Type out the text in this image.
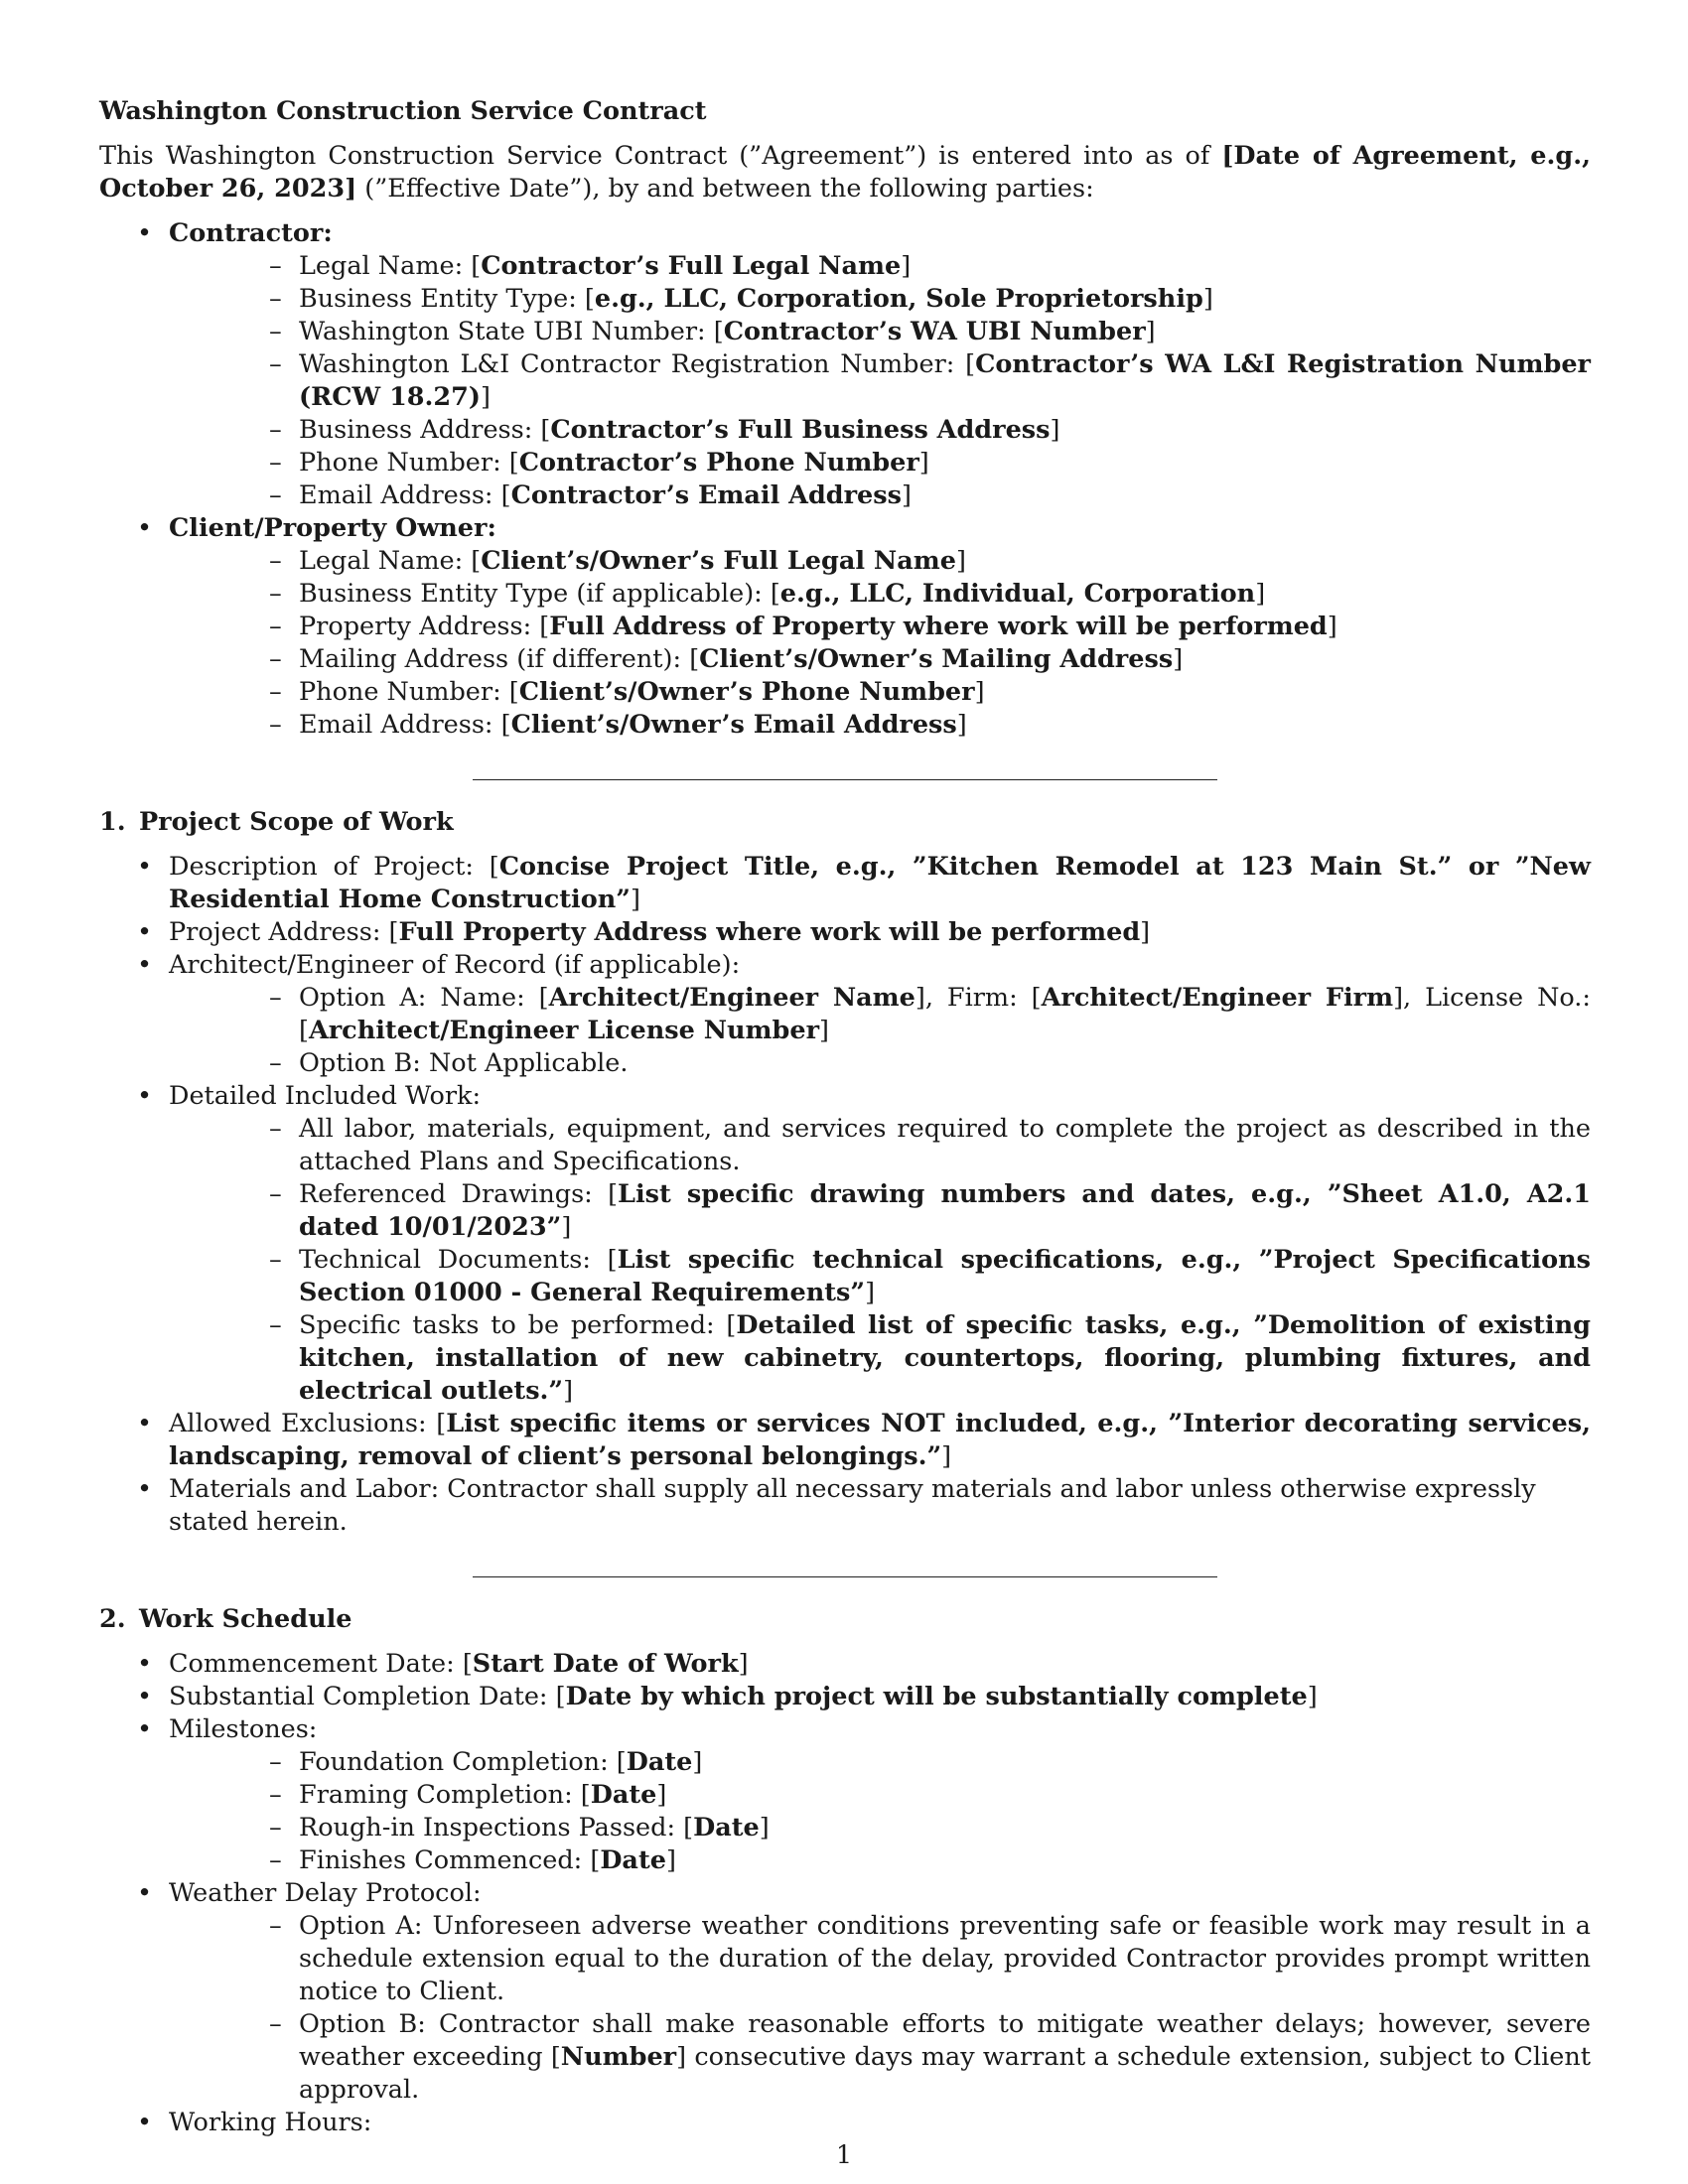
Washington Construction Service Contract
This Washington Construction Service Contract (”Agreement”) is entered into as of [Date of Agreement, e.g., October 26, 2023] (”Effective Date”), by and between the following parties:
• Contractor:
– Legal Name: [Contractor’s Full Legal Name]
– Business Entity Type: [e.g., LLC, Corporation, Sole Proprietorship]
– Washington State UBI Number: [Contractor’s WA UBI Number]
– Washington L&I Contractor Registration Number: [Contractor’s WA L&I Registration Number (RCW 18.27)]
– Business Address: [Contractor’s Full Business Address]
– Phone Number: [Contractor’s Phone Number]
– Email Address: [Contractor’s Email Address]
• Client/Property Owner:
– Legal Name: [Client’s/Owner’s Full Legal Name]
– Business Entity Type (if applicable): [e.g., LLC, Individual, Corporation]
– Property Address: [Full Address of Property where work will be performed]
– Mailing Address (if different): [Client’s/Owner’s Mailing Address]
– Phone Number: [Client’s/Owner’s Phone Number]
– Email Address: [Client’s/Owner’s Email Address]
1. Project Scope of Work
• Description of Project: [Concise Project Title, e.g., ”Kitchen Remodel at 123 Main St.” or ”New Residential Home Construction”]
• Project Address: [Full Property Address where work will be performed]
• Architect/Engineer of Record (if applicable):
– Option A: Name: [Architect/Engineer Name], Firm: [Architect/Engineer Firm], License No.: [Architect/Engineer License Number]
– Option B: Not Applicable.
• Detailed Included Work:
– All labor, materials, equipment, and services required to complete the project as described in the attached Plans and Specifications.
– Referenced Drawings: [List specific drawing numbers and dates, e.g., ”Sheet A1.0, A2.1 dated 10/01/2023”]
– Technical Documents: [List specific technical specifications, e.g., ”Project Specifications Section 01000 - General Requirements”]
– Specific tasks to be performed: [Detailed list of specific tasks, e.g., ”Demolition of existing kitchen, installation of new cabinetry, countertops, flooring, plumbing fixtures, and electrical outlets.”]
• Allowed Exclusions: [List specific items or services NOT included, e.g., ”Interior decorating services, landscaping, removal of client’s personal belongings.”]
• Materials and Labor: Contractor shall supply all necessary materials and labor unless otherwise expressly stated herein.
2. Work Schedule
• Commencement Date: [Start Date of Work]
• Substantial Completion Date: [Date by which project will be substantially complete]
• Milestones:
– Foundation Completion: [Date]
– Framing Completion: [Date]
– Rough-in Inspections Passed: [Date]
– Finishes Commenced: [Date]
• Weather Delay Protocol:
– Option A: Unforeseen adverse weather conditions preventing safe or feasible work may result in a schedule extension equal to the duration of the delay, provided Contractor provides prompt written notice to Client.
– Option B: Contractor shall make reasonable efforts to mitigate weather delays; however, severe weather exceeding [Number] consecutive days may warrant a schedule extension, subject to Client approval.
• Working Hours:
1
